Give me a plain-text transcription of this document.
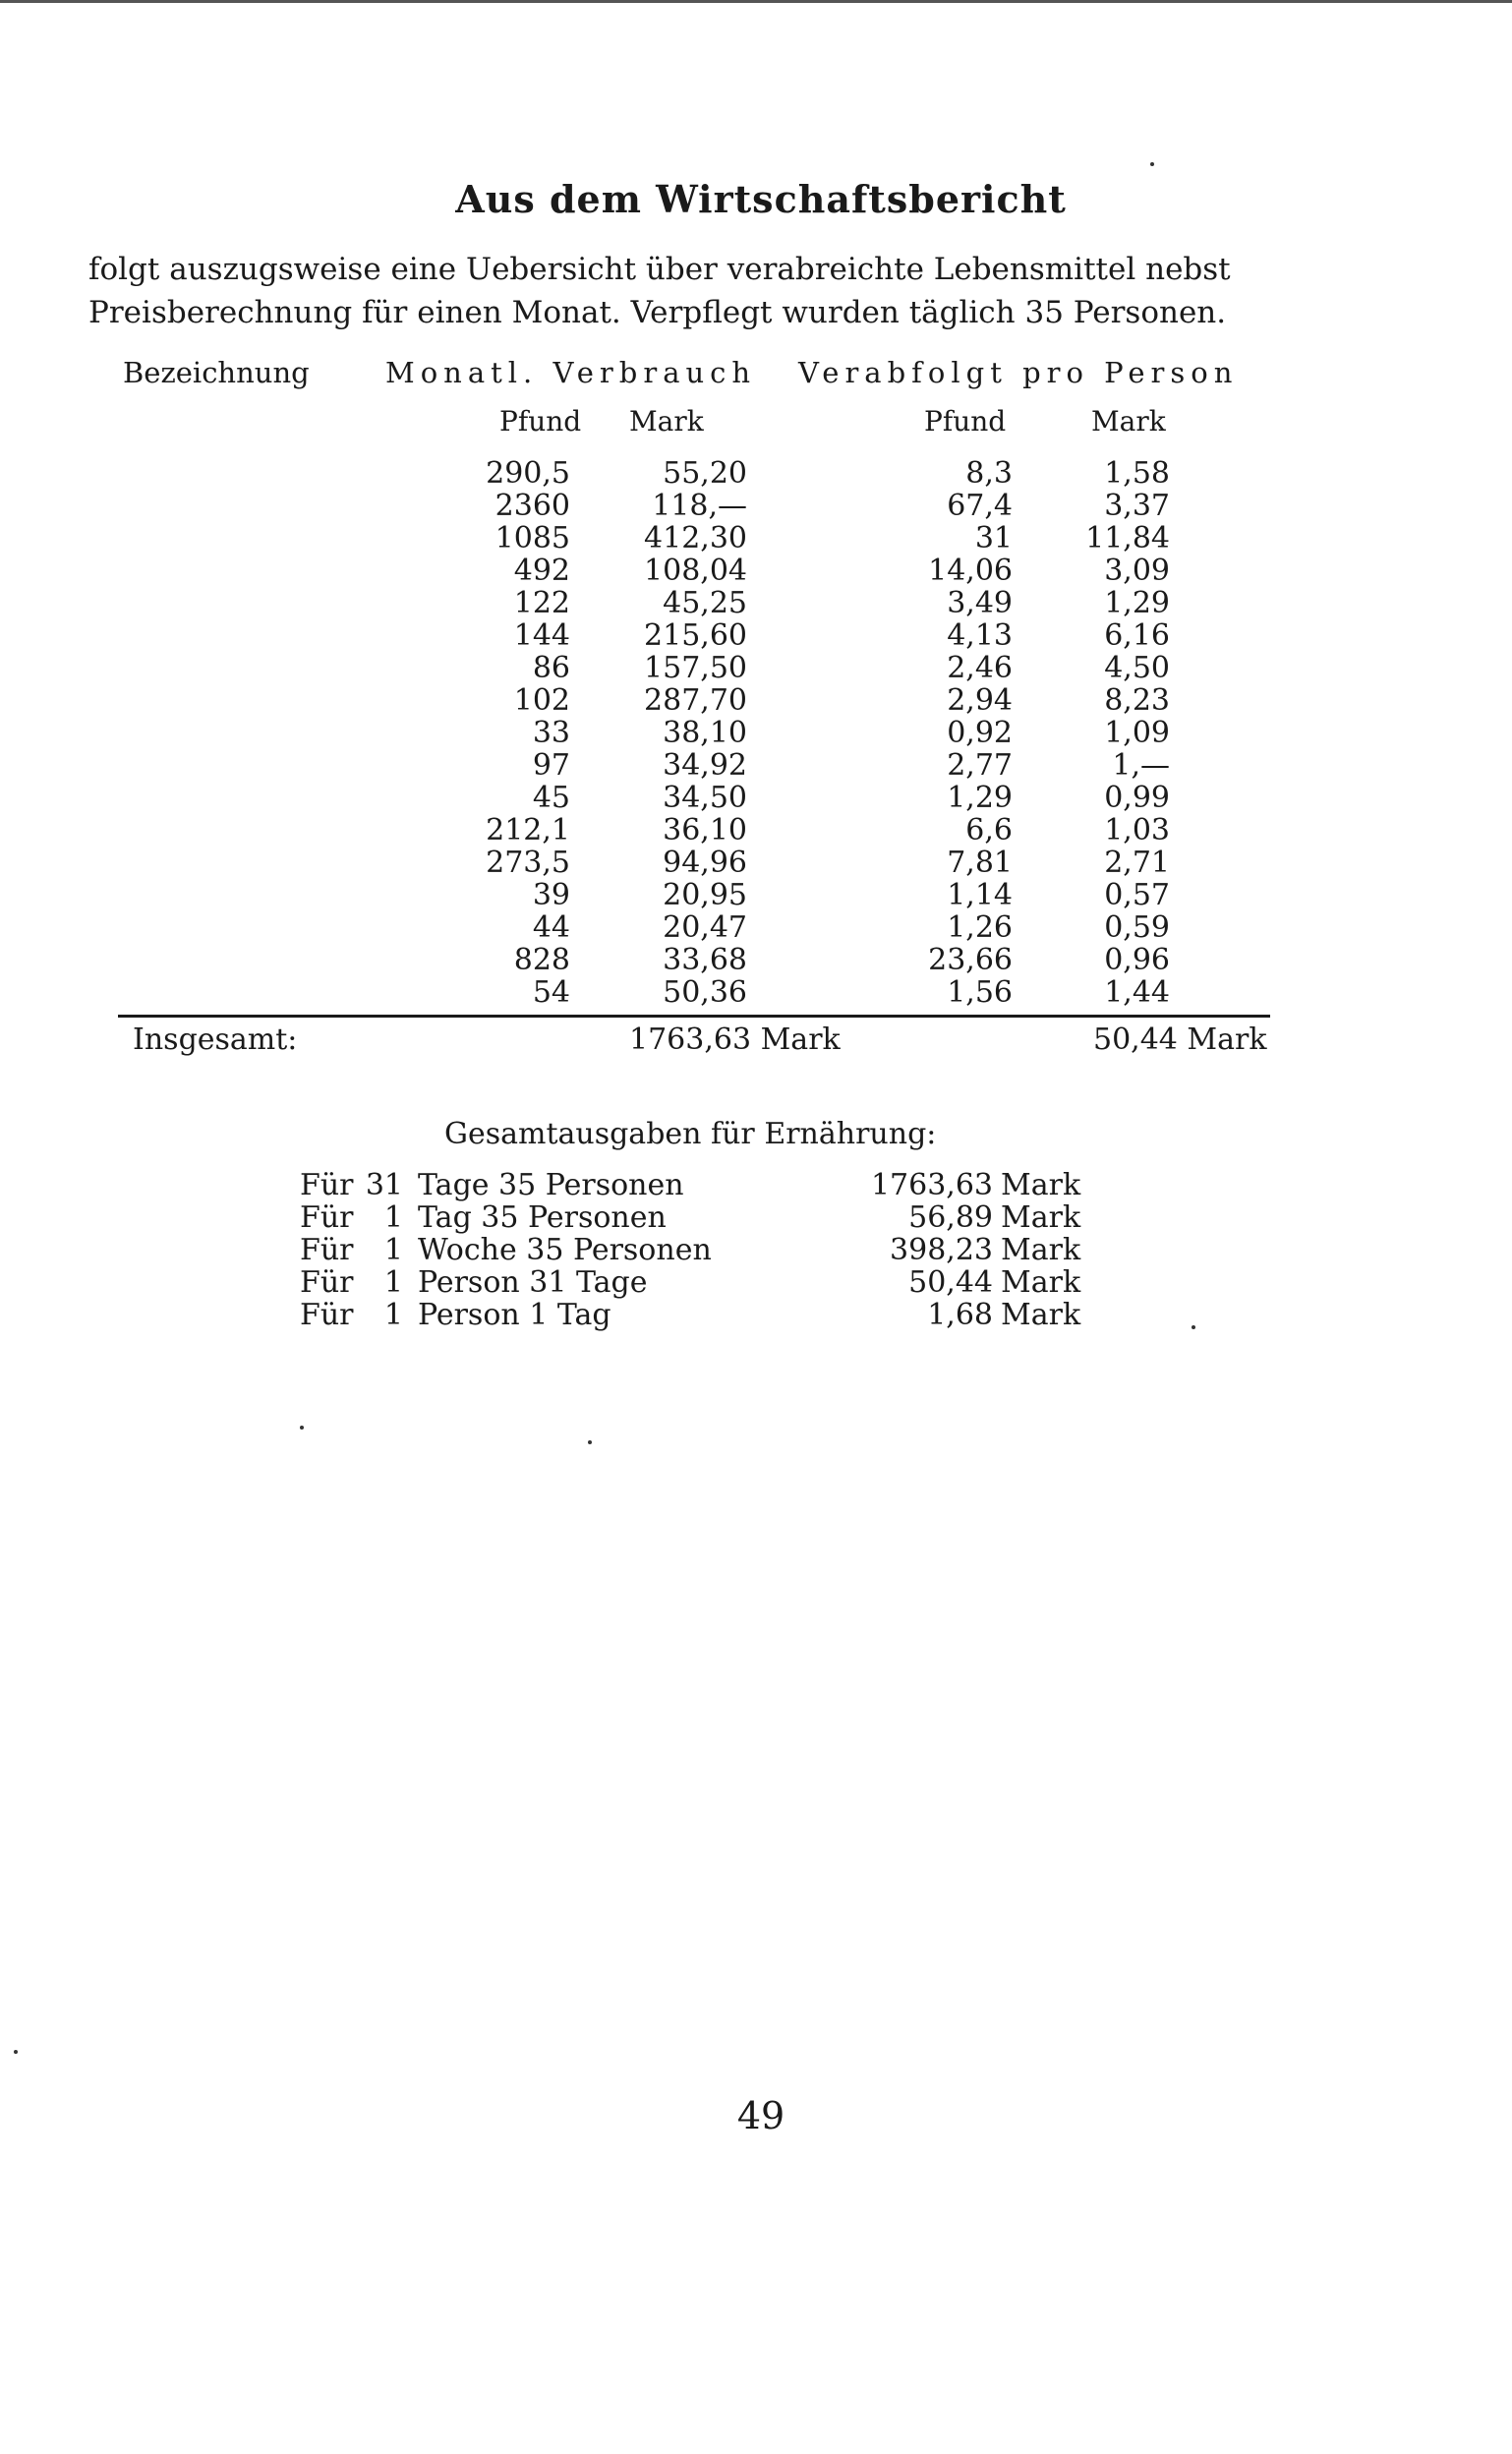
Aus dem Wirtschaftsbericht
folgt auszugsweise eine Uebersicht über verabreichte Lebensmittel nebst
Preisberechnung für einen Monat. Verpflegt wurden täglich 35 Personen.
Bezeichnung	Monatl. Verbrauch Verabfolgt pro Person
Pfund Mark	Pfund	Mark
290,5	55,20	8,3	1,58
2360	118,—	67,4	3,37
1085	412,30	31	11,84
492	108,04	14,06	3,09
122	45,25	3,49	1,29
144	215,60	4,13	6,16
86	157,50	2,46	4,50
102	287,70	2,94	8,23
33	38,10	0,92	1,09
97	34,92	2,77	1,—
45	34,50	1,29	0,99
212,1	36,10	6,6	1,03
273,5	94,96	7,81	2,71
39	20,95	1,14	0,57
44	20,47	1,26	0,59
828	33,68	23,66	0,96
54	50,36	1,56	1,44
Insgesamt:	1763,63 Mark	50,44 Mark
Gesamtausgaben für Ernährung:
Für 31 Tage 35 Personen	1763,63 Mark
Für	1 Tag 35 Personen	56,89 Mark
Für	1 Woche 35 Personen	398,23 Mark
Für	1 Person 31 Tage	50,44 Mark
Für	1 Person 1 Tag	1,68 Mark
49
